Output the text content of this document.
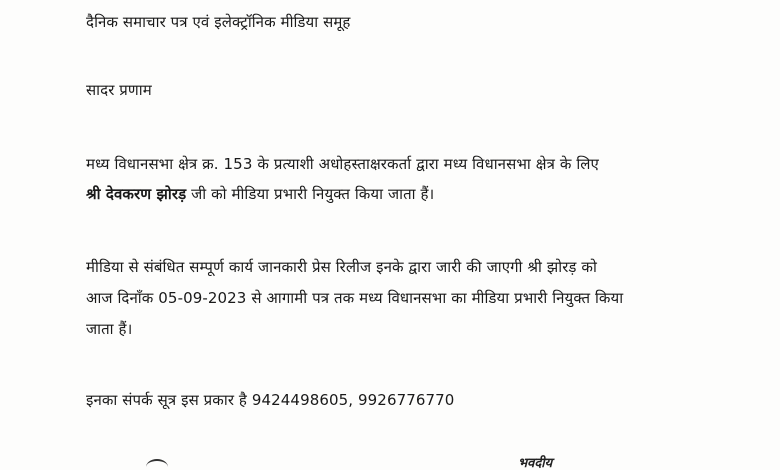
दैनिक समाचार पत्र एवं इलेक्ट्रॉनिक मीडिया समूह
सादर प्रणाम
मध्य विधानसभा क्षेत्र क्र. 153 के प्रत्याशी अधोहस्ताक्षरकर्ता द्वारा मध्य विधानसभा क्षेत्र के लिए
श्री देवकरण झोरड़ जी को मीडिया प्रभारी नियुक्त किया जाता हैं।
मीडिया से संबंधित सम्पूर्ण कार्य जानकारी प्रेस रिलीज इनके द्वारा जारी की जाएगी श्री झोरड़ को
आज दिनाँक 05-09-2023 से आगामी पत्र तक मध्य विधानसभा का मीडिया प्रभारी नियुक्त किया
जाता हैं।
इनका संपर्क सूत्र इस प्रकार है 9424498605, 9926776770
भवदीय
